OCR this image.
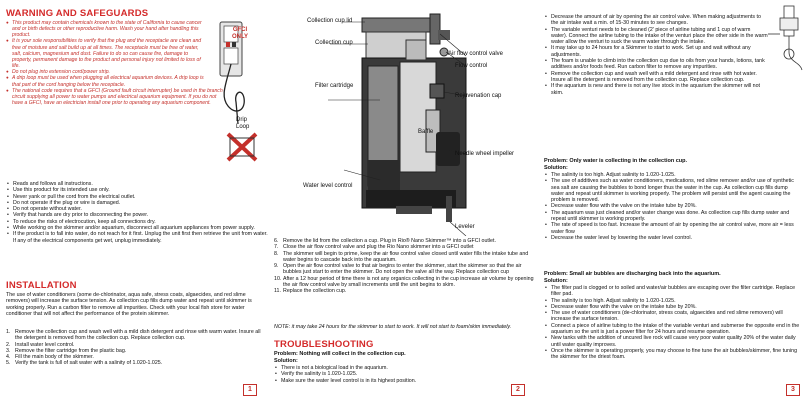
WARNING AND SAFEGUARDS
● This product may contain chemicals known to the state of California to cause cancer and or birth defects or other reproductive harm. Wash your hand after handling this product.
● It is your sole responsibilities to verify that the plug and the receptacle are clean and free of moisture and salt build up at all times. The receptacle must be free of water, salt, calcium, magnesium and dust. Failure to do so can cause fire, damage to property, permanent damage to the product and personal injury not limited to loss of life.
● Do not plug into extension cord/power strip.
● A drip loop must be used when plugging all electrical aquarium devices. A drip loop is that part of the cord hanging below the receptacle.
● The national code requires that a GFCI (Ground fault circuit interrupter) be used in the branch circuit supplying all power to water pumps and electrical aquarium equipment. If you do not have a GFCI, have an electrician install one prior to operating any aquarium component.
GFCI ONLY
Drip Loop
• Reads and follows all instructions.
• Use this product for its intended use only.
• Never yank or pull the cord from the electrical outlet.
• Do not operate if the plug or wire is damaged.
• Do not operate without water.
• Verify that hands are dry prior to disconnecting the power.
• To reduce the risks of electrocution, keep all connections dry.
• While working on the skimmer and/or aquarium, disconnect all aquarium appliances from power supply.
• If the product is to fall into water, do not reach for it first. Unplug the unit first then retrieve the unit from water. If any of the electrical components get wet, unplug immediately.
INSTALLATION
The use of water conditioners (some de-chlorinator, aqua safe, stress coats, algaecides, and red slime removers) will increase the surface tension. As collection cup fills dump water and repeat until skimmer is working properly. Run a carbon filter to remove all impurities. Check with your local fish store for water conditioner that will not affect the performance of the protein skimmer.
1. Remove the collection cup and wash well with a mild dish detergent and rinse with warm water. Insure all the detergent is removed from the collection cup. Replace collection cup.
2. Install water level control.
3. Remove the filter cartridge from the plastic bag.
4. Fill the main body of the skimmer.
5. Verify the tank is full of salt water with a salinity of 1.020-1.025.
1
Collection cup lid
Collection cup
Air flow control valve
Flow control
Filter cartridge
Rejuvenation cap
Baffle
Needle wheel impeller
Water level control
Leveler
6. Remove the lid from the collection a cup. Plug in Rio® Nano Skimmer™ into a GFCI outlet.
7. Close the air flow control valve and plug the Rio Nano skimmer into a GFCI outlet
8. The skimmer will begin to prime, keep the air flow control valve closed until water fills the intake tube and water begins to cascade back into the aquarium.
9. Open the air flow control valve to that air begins to enter the skimmer, start the skimmer so that the air bubbles just start to enter the skimmer. Do not open the valve all the way. Replace collection cup
10. After a 12 hour period of time there is not any organics collecting in the cup increase air volume by opening the air flow control valve by small increments until the unit begins to skim.
11. Replace the collection cup.
NOTE: it may take 24 hours for the skimmer to start to work. It will not start to foam/skim immediately.
TROUBLESHOOTING
Problem: Nothing will collect in the collection cup.
Solution:
• There is not a biological load in the aquarium.
• Verify the salinity is 1.020-1.025.
• Make sure the water level control is in its highest position.
2
• Decrease the amount of air by opening the air control valve. When making adjustments to the air intake wait a min. of 15-30 minutes to see changes.
• The variable venturi needs to be cleaned (2' piece of airline tubing and 1 cup of warm water). Connect the airline tubing to the intake of the venturi place the other side in the warm water allow the venturi to suck the warm water through the intake.
• It may take up to 24 hours for a Skimmer to start to work. Set up and wait without any adjustments.
• The foam is unable to climb into the collection cup due to oils from your hands, lotions, tank additives and/or foods feed. Run carbon filter to remove any impurities.
• Remove the collection cup and wash well with a mild detergent and rinse with hot water. Insure all the detergent is removed from the collection cup. Replace collection cup.
• If the aquarium is new and there is not any live stock in the aquarium the skimmer will not skim.
Problem: Only water is collecting in the collection cup.
Solution:
• The salinity is too high. Adjust salinity to 1.020-1.025.
• The use of additives such as water conditioners, medications, red slime remover and/or use of synthetic sea salt are causing the bubbles to bond longer thus the water in the cup. As collection cup fills dump water and repeat until skimmer is working properly. The problem will persist until the agent causing the problem is removed.
• Decrease water flow with the valve on the intake tube by 20%.
• The aquarium was just cleaned and/or water change was done. As collection cup fills dump water and repeat until skimmer is working properly.
• The rate of speed is too fast. Increase the amount of air by opening the air control valve, more air = less water flow
• Decrease the water level by lowering the water level control.
Problem: Small air bubbles are discharging back into the aquarium.
Solution:
• The filter pad is clogged or to soiled and water/air bubbles are escaping over the filter cartridge. Replace filter pad.
• The salinity is too high. Adjust salinity to 1.020-1.025.
• Decrease water flow with the valve on the intake tube by 20%.
• The use of water conditioners (de-chlorinator, stress coats, algaecides and red slime removers) will increase the surface tension.
• Connect a piece of airline tubing to the intake of the variable venturi and submerse the opposite end in the aquarium so the unit is just a power filter for 24 hours and resume operation.
• New tanks with the addition of uncured live rock will cause very poor water quality 20% of the water daily until water quality improves.
• Once the skimmer is operating properly, you may choose to fine tune the air bubbles/skimmer, fine tuning the skimmer for the driest foam.
3
